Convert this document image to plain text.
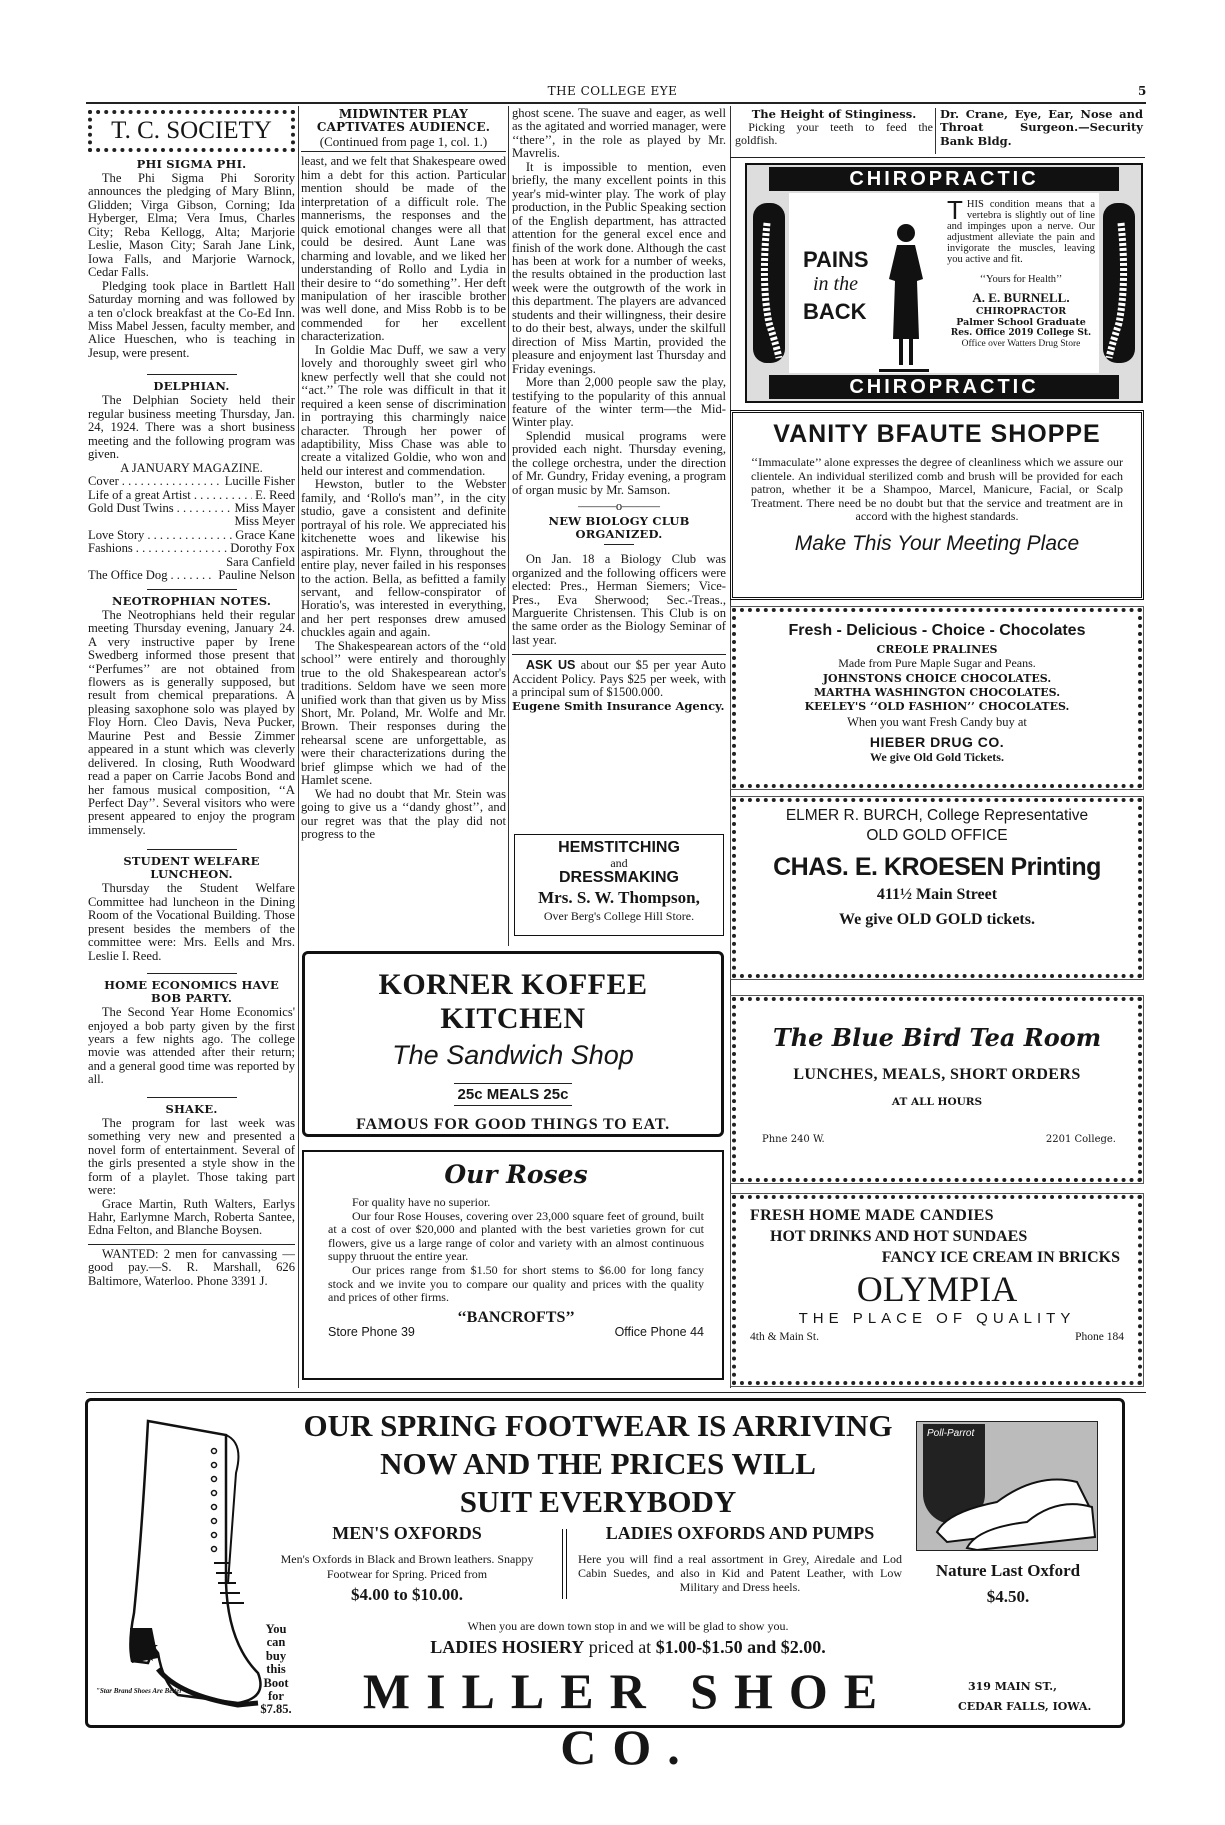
THE COLLEGE EYE	5
T. C. SOCIETY
PHI SIGMA PHI.

The Phi Sigma Phi Sorority announces the pledging of Mary Blinn, Glidden; Virga Gibson, Corning; Ida Hyberger, Elma; Vera Imus, Charles City; Reba Kellogg, Alta; Marjorie Leslie, Mason City; Sarah Jane Link, Iowa Falls, and Marjorie Warnock, Cedar Falls.

Pledging took place in Bartlett Hall Saturday morning and was followed by a ten o'clock breakfast at the Co-Ed Inn. Miss Mabel Jessen, faculty member, and Alice Hueschen, who is teaching in Jesup, were present.

DELPHIAN.

The Delphian Society held their regular business meeting Thursday, Jan. 24, 1924. There was a short business meeting and the following program was given.

A JANUARY MAGAZINE.
Cover . . .	Lucille Fisher
Life of a great Artist . . .	E. Reed
Gold Dust Twins . . .	Miss Mayer
Miss Meyer
Love Story . . .	Grace Kane
Fashions . . .	Dorothy Fox
Sara Canfield
The Office Dog . . .	Pauline Nelson
NEOTROPHIAN NOTES.

The Neotrophians held their regular meeting Thursday evening, January 24. A very instructive paper by Irene Swedberg informed those present that ‘‘Perfumes’’ are not obtained from flowers as is generally supposed, but result from chemical preparations. A pleasing saxophone solo was played by Floy Horn. Cleo Davis, Neva Pucker, Maurine Pest and Bessie Zimmer appeared in a stunt which was cleverly delivered. In closing, Ruth Woodward read a paper on Carrie Jacobs Bond and her famous musical composition, ‘‘A Perfect Day’’. Several visitors who were present appeared to enjoy the program immensely.

STUDENT WELFARE LUNCHEON.

Thursday the Student Welfare Committee had luncheon in the Dining Room of the Vocational Building. Those present besides the members of the committee were: Mrs. Eells and Mrs. Leslie I. Reed.

HOME ECONOMICS HAVE BOB PARTY.

The Second Year Home Economics' enjoyed a bob party given by the first years a few nights ago. The college movie was attended after their return; and a general good time was reported by all.

SHAKE.

The program for last week was something very new and presented a novel form of entertainment. Several of the girls presented a style show in the form of a playlet. Those taking part were:

Grace Martin, Ruth Walters, Earlys Hahr, Earlymne March, Roberta Santee, Edna Felton, and Blanche Boysen.

WANTED: 2 men for canvassing —good pay.—S. R. Marshall, 626 Baltimore, Waterloo. Phone 3391 J.

MIDWINTER PLAY CAPTIVATES AUDIENCE.
(Continued from page 1, col. 1.)

least, and we felt that Shakespeare owed him a debt for this action. Particular mention should be made of the interpretation of a difficult role. The mannerisms, the responses and the quick emotional changes were all that could be desired. Aunt Lane was charming and lovable, and we liked her understanding of Rollo and Lydia in their desire to ‘‘do something’’. Her deft manipulation of her irascible brother was well done, and Miss Robb is to be commended for her excellent characterization.

In Goldie Mac Duff, we saw a very lovely and thoroughly sweet girl who knew perfectly well that she could not ‘‘act.’’ The role was difficult in that it required a keen sense of discrimination in portraying this charmingly naice character. Through her power of adaptibility, Miss Chase was able to create a vitalized Goldie, who won and held our interest and commendation.

Hewston, butler to the Webster family, and ‘Rollo's man’’, in the city studio, gave a consistent and definite portrayal of his role. We appreciated his kitchenette woes and likewise his aspirations. Mr. Flynn, throughout the entire play, never failed in his responses to the action. Bella, as befitted a family servant, and fellow-conspirator of Horatio's, was interested in everything, and her pert responses drew amused chuckles again and again.

The Shakespearean actors of the ‘‘old school’’ were entirely and thoroughly true to the old Shakespearean actor's traditions. Seldom have we seen more unified work than that given us by Miss Short, Mr. Poland, Mr. Wolfe and Mr. Brown. Their responses during the rehearsal scene are unforgettable, as were their characterizations during the brief glimpse which we had of the Hamlet scene.

We had no doubt that Mr. Stein was going to give us a ‘‘dandy ghost’’, and our regret was that the play did not progress to the

ghost scene. The suave and eager, as well as the agitated and worried manager, were ‘‘there’’, in the role as played by Mr. Mavrelis.

It is impossible to mention, even briefly, the many excellent points in this year's mid-winter play. The work of play production, in the Public Speaking section of the English department, has attracted attention for the general excel ence and finish of the work done. Although the cast has been at work for a number of weeks, the results obtained in the production last week were the outgrowth of the work in this department. The players are advanced students and their willingness, their desire to do their best, always, under the skilfull direction of Miss Martin, provided the pleasure and enjoyment last Thursday and Friday evenings.

More than 2,000 people saw the play, testifying to the popularity of this annual feature of the winter term—the Mid-Winter play.

Splendid musical programs were provided each night. Thursday evening, the college orchestra, under the direction of Mr. Gundry, Friday evening, a program of organ music by Mr. Samson.

———o———
NEW BIOLOGY CLUB ORGANIZED.

On Jan. 18 a Biology Club was organized and the following officers were elected: Pres., Herman Siemers; Vice-Pres., Eva Sherwood; Sec.-Treas., Marguerite Christensen. This Club is on the same order as the Biology Seminar of last year.

ASK US about our $5 per year Auto Accident Policy. Pays $25 per week, with a principal sum of $1500.000.

Eugene Smith Insurance Agency.
HEMSTITCHING
and
DRESSMAKING
Mrs. S. W. Thompson,
Over Berg's College Hill Store.
KORNER KOFFEE KITCHEN
The Sandwich Shop
25c MEALS 25c
FAMOUS FOR GOOD THINGS TO EAT.
Our Roses
For quality have no superior.
Our four Rose Houses, covering over 23,000 square feet of ground, built at a cost of over $20,000 and planted with the best varieties grown for cut flowers, give us a large range of color and variety with an almost continuous suppy thruout the entire year.
Our prices range from $1.50 for short stems to $6.00 for long fancy stock and we invite you to compare our quality and prices with the quality and prices of other firms.
‘‘BANCROFTS’’
Store Phone 39	Office Phone 44
The Height of Stinginess.

Picking your teeth to feed the goldfish.

Dr. Crane, Eye, Ear, Nose and Throat Surgeon.—Security Bank Bldg.
CHIROPRACTIC
CHIROPRACTIC
PAINS
in the
BACK
THIS condition means that a vertebra is slightly out of line and impinges upon a nerve. Our adjustment alleviate the pain and invigorate the muscles, leaving you active and fit.
‘‘Yours for Health’’
A. E. BURNELL.
CHIROPRACTOR
Palmer School Graduate
Res. Office 2019 College St.
Office over Watters Drug Store
VANITY BFAUTE SHOPPE
‘‘Immaculate’’ alone expresses the degree of cleanliness which we assure our clientele. An individual sterilized comb and brush will be provided for each patron, whether it be a Shampoo, Marcel, Manicure, Facial, or Scalp Treatment. There need be no doubt but that the service and treatment are in accord with the highest standards.
Make This Your Meeting Place
Fresh - Delicious - Choice - Chocolates
CREOLE PRALINES
Made from Pure Maple Sugar and Peans.
JOHNSTONS CHOICE CHOCOLATES.
MARTHA WASHINGTON CHOCOLATES.
KEELEY'S ‘‘OLD FASHION’’ CHOCOLATES.
When you want Fresh Candy buy at
HIEBER DRUG CO.
We give Old Gold Tickets.
ELMER R. BURCH, College Representative
OLD GOLD OFFICE
CHAS. E. KROESEN Printing
411½ Main Street
We give OLD GOLD tickets.
The Blue Bird Tea Room
LUNCHES, MEALS, SHORT ORDERS
AT ALL HOURS
Phne 240 W.	2201 College.
FRESH HOME MADE CANDIES
HOT DRINKS AND HOT SUNDAES
FANCY ICE CREAM IN BRICKS
OLYMPIA
THE PLACE OF QUALITY
4th & Main St.	Phone 184
"Star Brand Shoes Are Better"
You can buy this Boot for $7.85.
OUR SPRING FOOTWEAR IS ARRIVING
NOW AND THE PRICES WILL
SUIT EVERYBODY
MEN'S OXFORDS
Men's Oxfords in Black and Brown leathers. Snappy Footwear for Spring. Priced from
$4.00 to $10.00.
LADIES OXFORDS AND PUMPS
Here you will find a real assortment in Grey, Airedale and Lod Cabin Suedes, and also in Kid and Patent Leather, with Low Military and Dress heels.
Poll-Parrot
Nature Last Oxford
$4.50.
When you are down town stop in and we will be glad to show you.
LADIES HOSIERY priced at $1.00-$1.50 and $2.00.
MILLER SHOE CO.
319 MAIN ST.,
CEDAR FALLS, IOWA.
